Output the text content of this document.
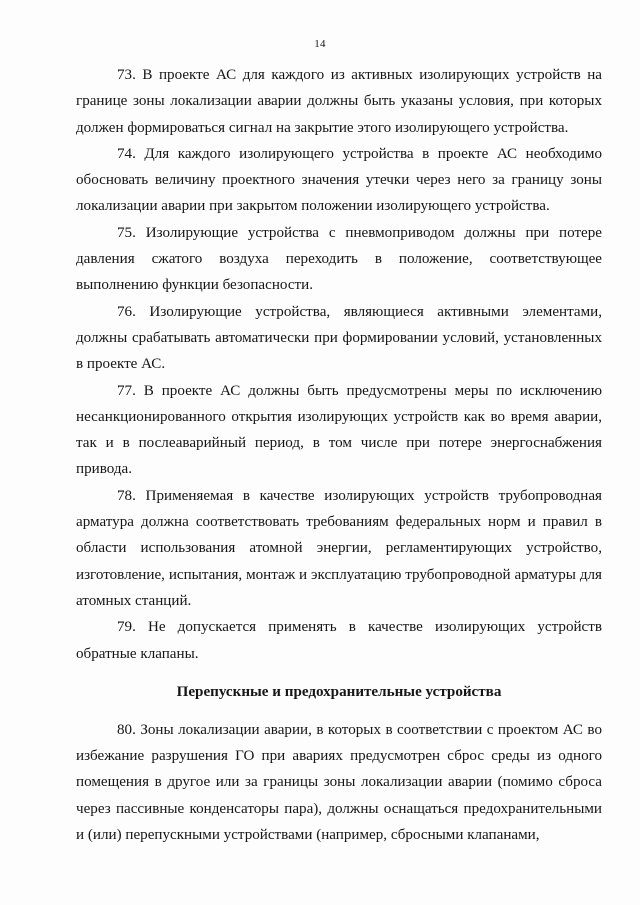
14

73. В проекте АС для каждого из активных изолирующих устройств на границе зоны локализации аварии должны быть указаны условия, при которых должен формироваться сигнал на закрытие этого изолирующего устройства.

74. Для каждого изолирующего устройства в проекте АС необходимо обосновать величину проектного значения утечки через него за границу зоны локализации аварии при закрытом положении изолирующего устройства.

75. Изолирующие устройства с пневмоприводом должны при потере давления сжатого воздуха переходить в положение, соответствующее выполнению функции безопасности.

76. Изолирующие устройства, являющиеся активными элементами, должны срабатывать автоматически при формировании условий, установленных в проекте АС.

77. В проекте АС должны быть предусмотрены меры по исключению несанкционированного открытия изолирующих устройств как во время аварии, так и в послеаварийный период, в том числе при потере энергоснабжения привода.

78. Применяемая в качестве изолирующих устройств трубопроводная арматура должна соответствовать требованиям федеральных норм и правил в области использования атомной энергии, регламентирующих устройство, изготовление, испытания, монтаж и эксплуатацию трубопроводной арматуры для атомных станций.

79. Не допускается применять в качестве изолирующих устройств обратные клапаны.

Перепускные и предохранительные устройства

80. Зоны локализации аварии, в которых в соответствии с проектом АС во избежание разрушения ГО при авариях предусмотрен сброс среды из одного помещения в другое или за границы зоны локализации аварии (помимо сброса через пассивные конденсаторы пара), должны оснащаться предохранительными и (или) перепускными устройствами (например, сбросными клапанами,
